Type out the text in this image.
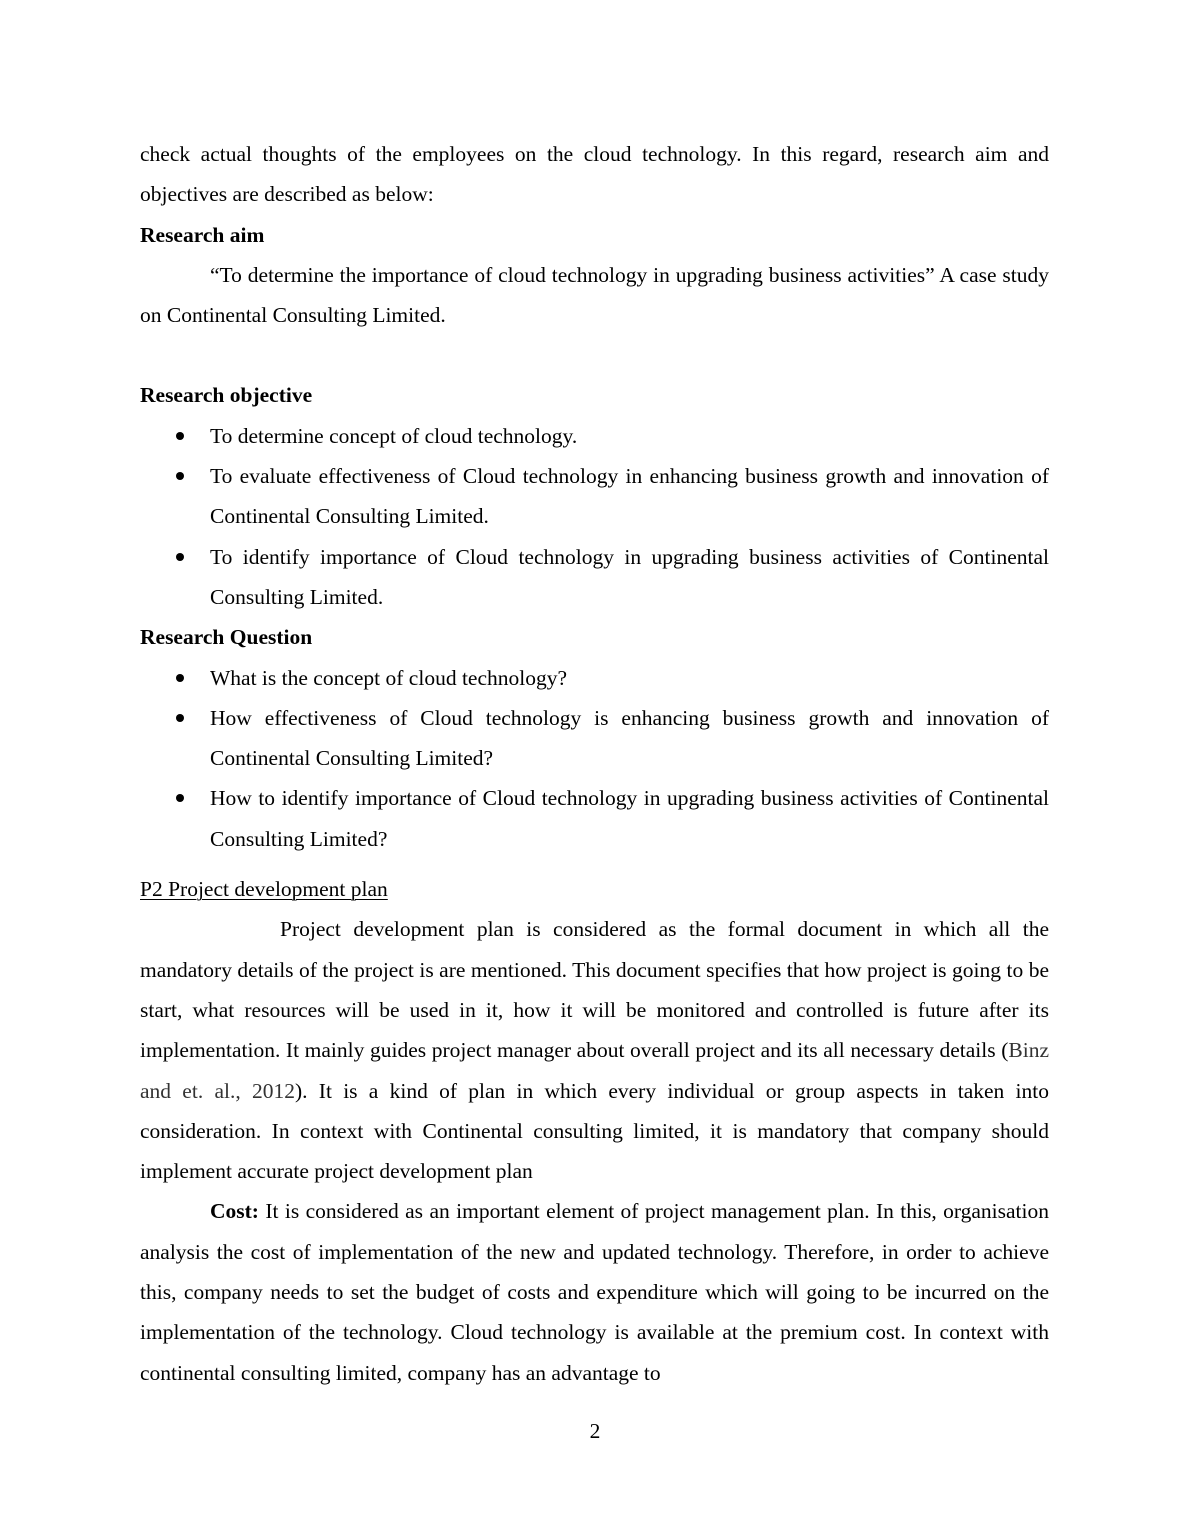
check actual thoughts of the employees on the cloud technology. In this regard, research aim and objectives are described as below:

Research aim

“To determine the importance of cloud technology in upgrading business activities” A case study on Continental Consulting Limited.

Research objective

To determine concept of cloud technology.
To evaluate effectiveness of Cloud technology in enhancing business growth and innovation of Continental Consulting Limited.
To identify importance of Cloud technology in upgrading business activities of Continental Consulting Limited.

Research Question

What is the concept of cloud technology?
How effectiveness of Cloud technology is enhancing business growth and innovation of Continental Consulting Limited?
How to identify importance of Cloud technology in upgrading business activities of Continental Consulting Limited?

P2 Project development plan

Project development plan is considered as the formal document in which all the mandatory details of the project is are mentioned. This document specifies that how project is going to be start, what resources will be used in it, how it will be monitored and controlled is future after its implementation. It mainly guides project manager about overall project and its all necessary details (Binz and et. al., 2012). It is a kind of plan in which every individual or group aspects in taken into consideration. In context with Continental consulting limited, it is mandatory that company should implement accurate project development plan

Cost: It is considered as an important element of project management plan. In this, organisation analysis the cost of implementation of the new and updated technology. Therefore, in order to achieve this, company needs to set the budget of costs and expenditure which will going to be incurred on the implementation of the technology. Cloud technology is available at the premium cost. In context with continental consulting limited, company has an advantage to

2
